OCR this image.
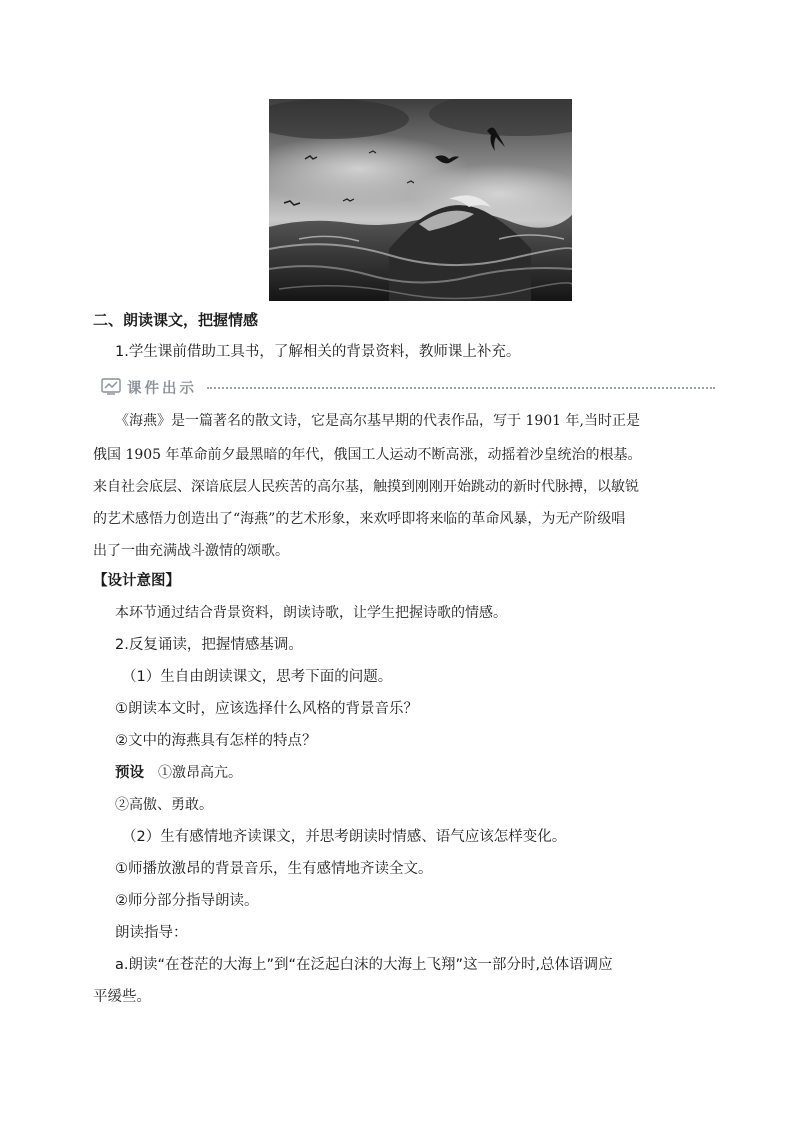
二、朗读课文，把握情感
1.学生课前借助工具书，了解相关的背景资料，教师课上补充。
课件出示
《海燕》是一篇著名的散文诗，它是高尔基早期的代表作品，写于 1901 年,当时正是
俄国 1905 年革命前夕最黑暗的年代，俄国工人运动不断高涨，动摇着沙皇统治的根基。
来自社会底层、深谙底层人民疾苦的高尔基，触摸到刚刚开始跳动的新时代脉搏，以敏锐
的艺术感悟力创造出了“海燕”的艺术形象，来欢呼即将来临的革命风暴，为无产阶级唱
出了一曲充满战斗激情的颂歌。
【设计意图】
本环节通过结合背景资料，朗读诗歌，让学生把握诗歌的情感。
2.反复诵读，把握情感基调。
（1）生自由朗读课文，思考下面的问题。
①朗读本文时，应该选择什么风格的背景音乐？
②文中的海燕具有怎样的特点？
预设 ①激昂高亢。
②高傲、勇敢。
（2）生有感情地齐读课文，并思考朗读时情感、语气应该怎样变化。
①师播放激昂的背景音乐，生有感情地齐读全文。
②师分部分指导朗读。
朗读指导：
a.朗读“在苍茫的大海上”到“在泛起白沫的大海上飞翔”这一部分时,总体语调应
平缓些。
